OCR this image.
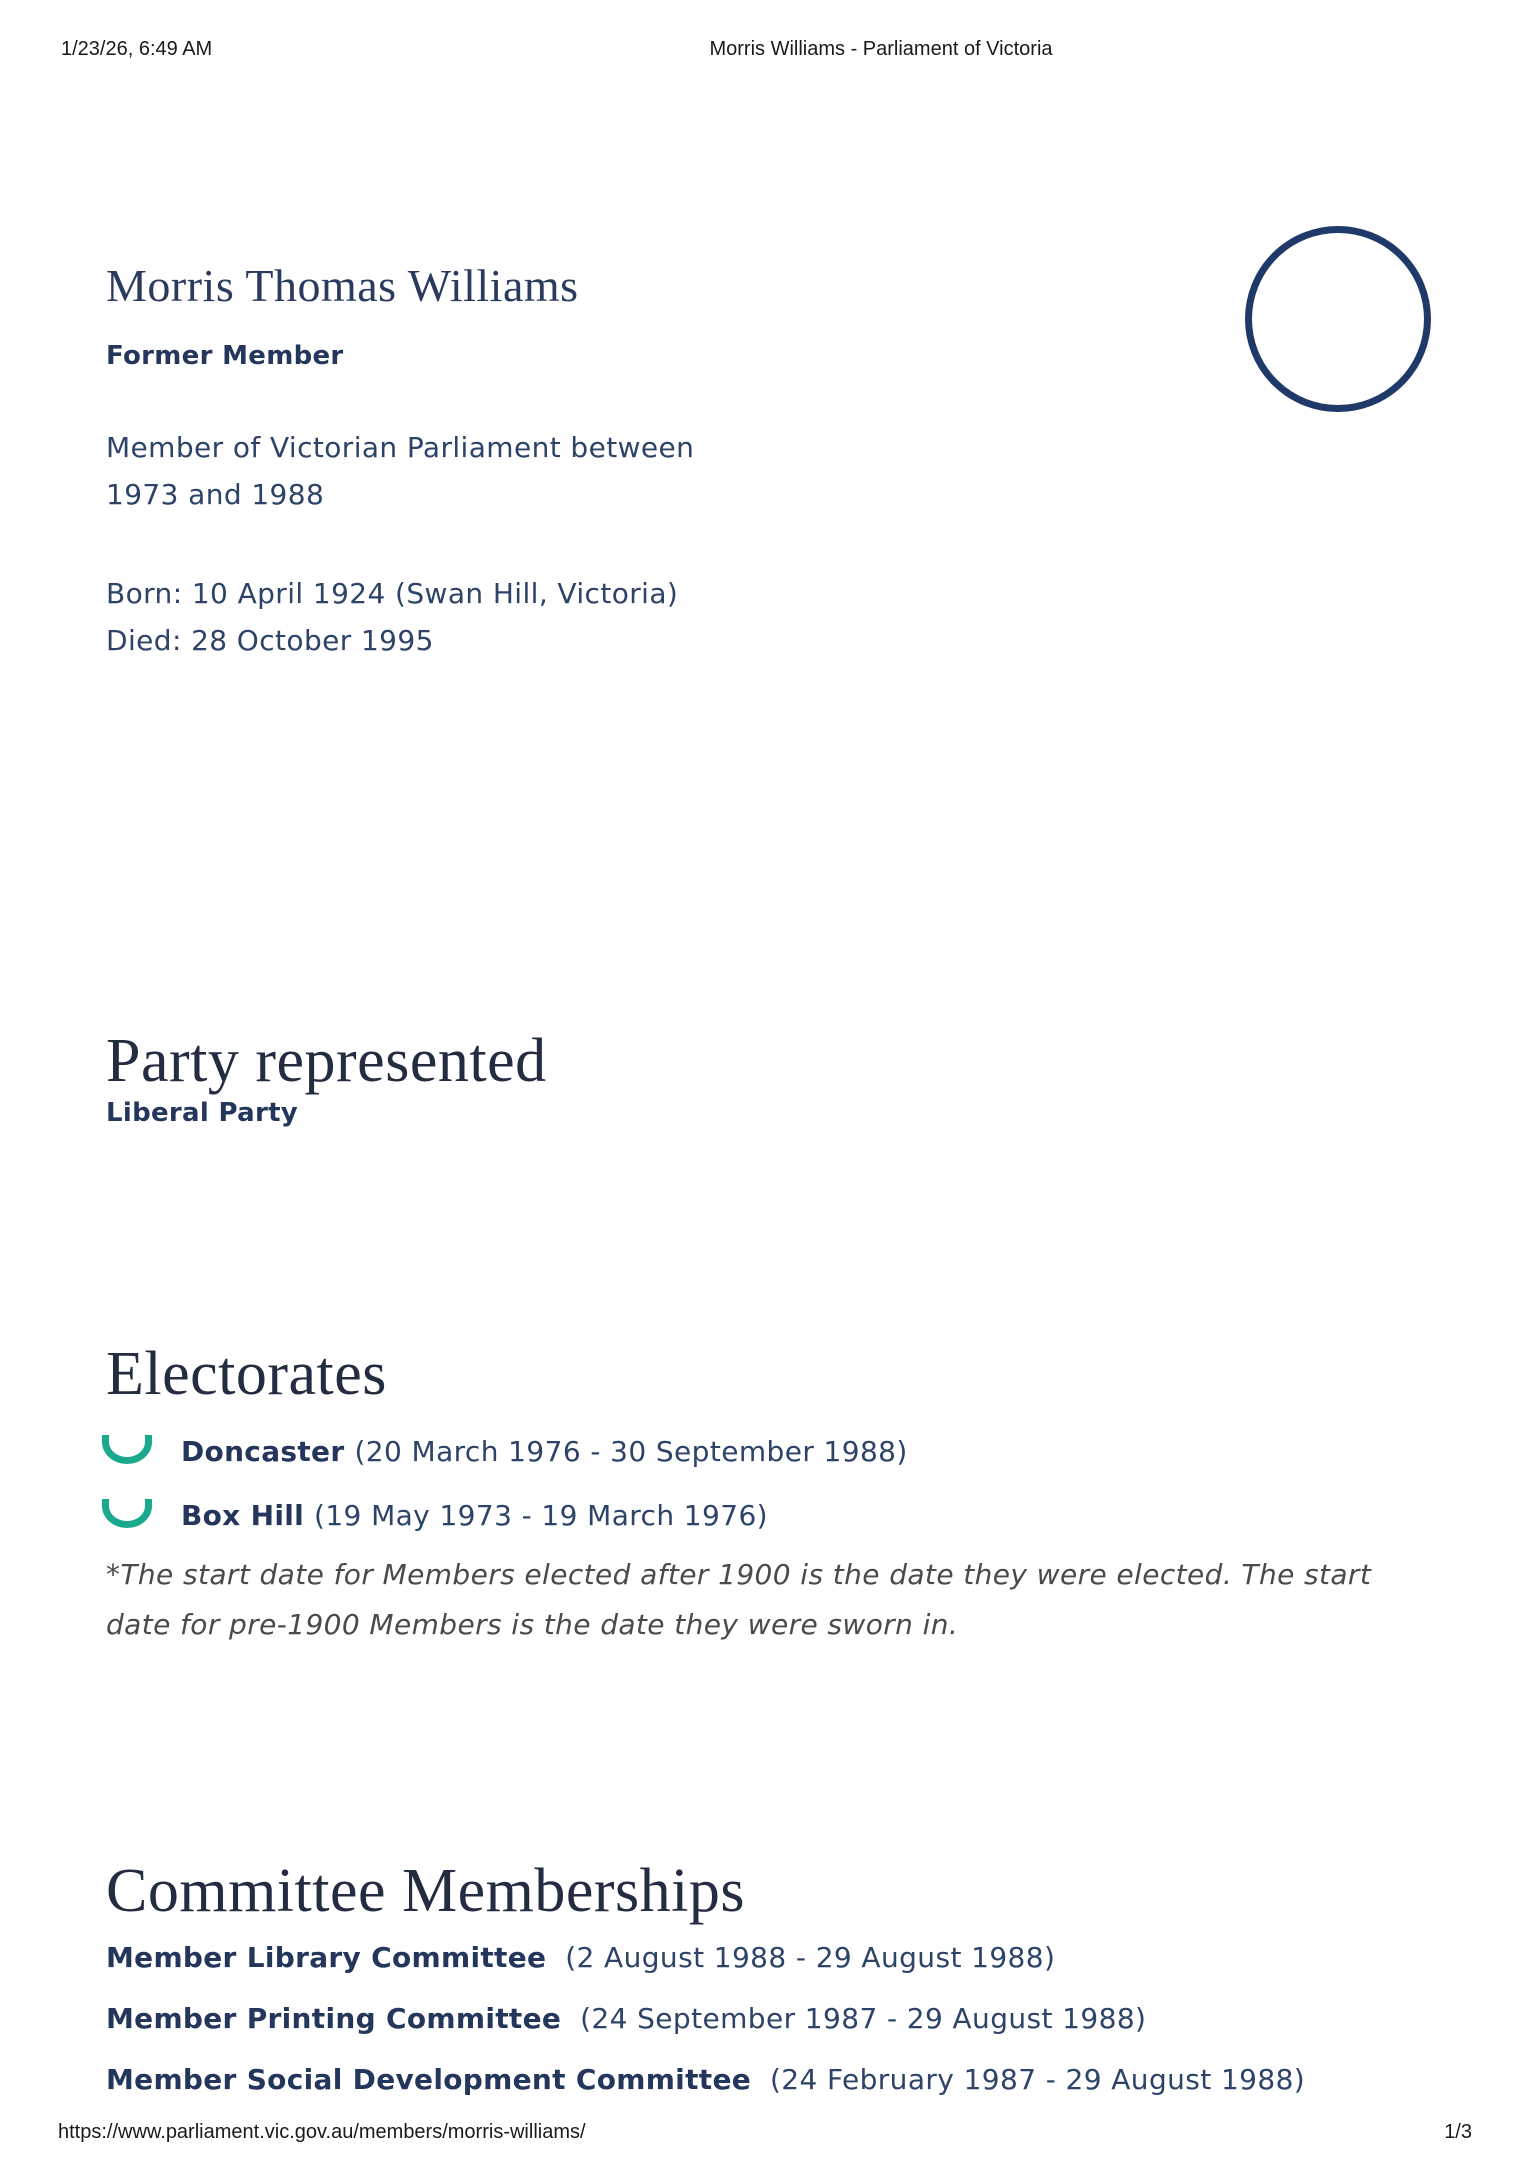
1/23/26, 6:49 AM	Morris Williams - Parliament of Victoria
Morris Thomas Williams
Former Member
Member of Victorian Parliament between
1973 and 1988
Born: 10 April 1924 (Swan Hill, Victoria)
Died: 28 October 1995
Party represented
Liberal Party
Electorates
Doncaster (20 March 1976 - 30 September 1988)
Box Hill (19 May 1973 - 19 March 1976)
*The start date for Members elected after 1900 is the date they were elected. The start
date for pre-1900 Members is the date they were sworn in.
Committee Memberships
Member Library Committee (2 August 1988 - 29 August 1988)
Member Printing Committee (24 September 1987 - 29 August 1988)
Member Social Development Committee (24 February 1987 - 29 August 1988)
https://www.parliament.vic.gov.au/members/morris-williams/	1/3
